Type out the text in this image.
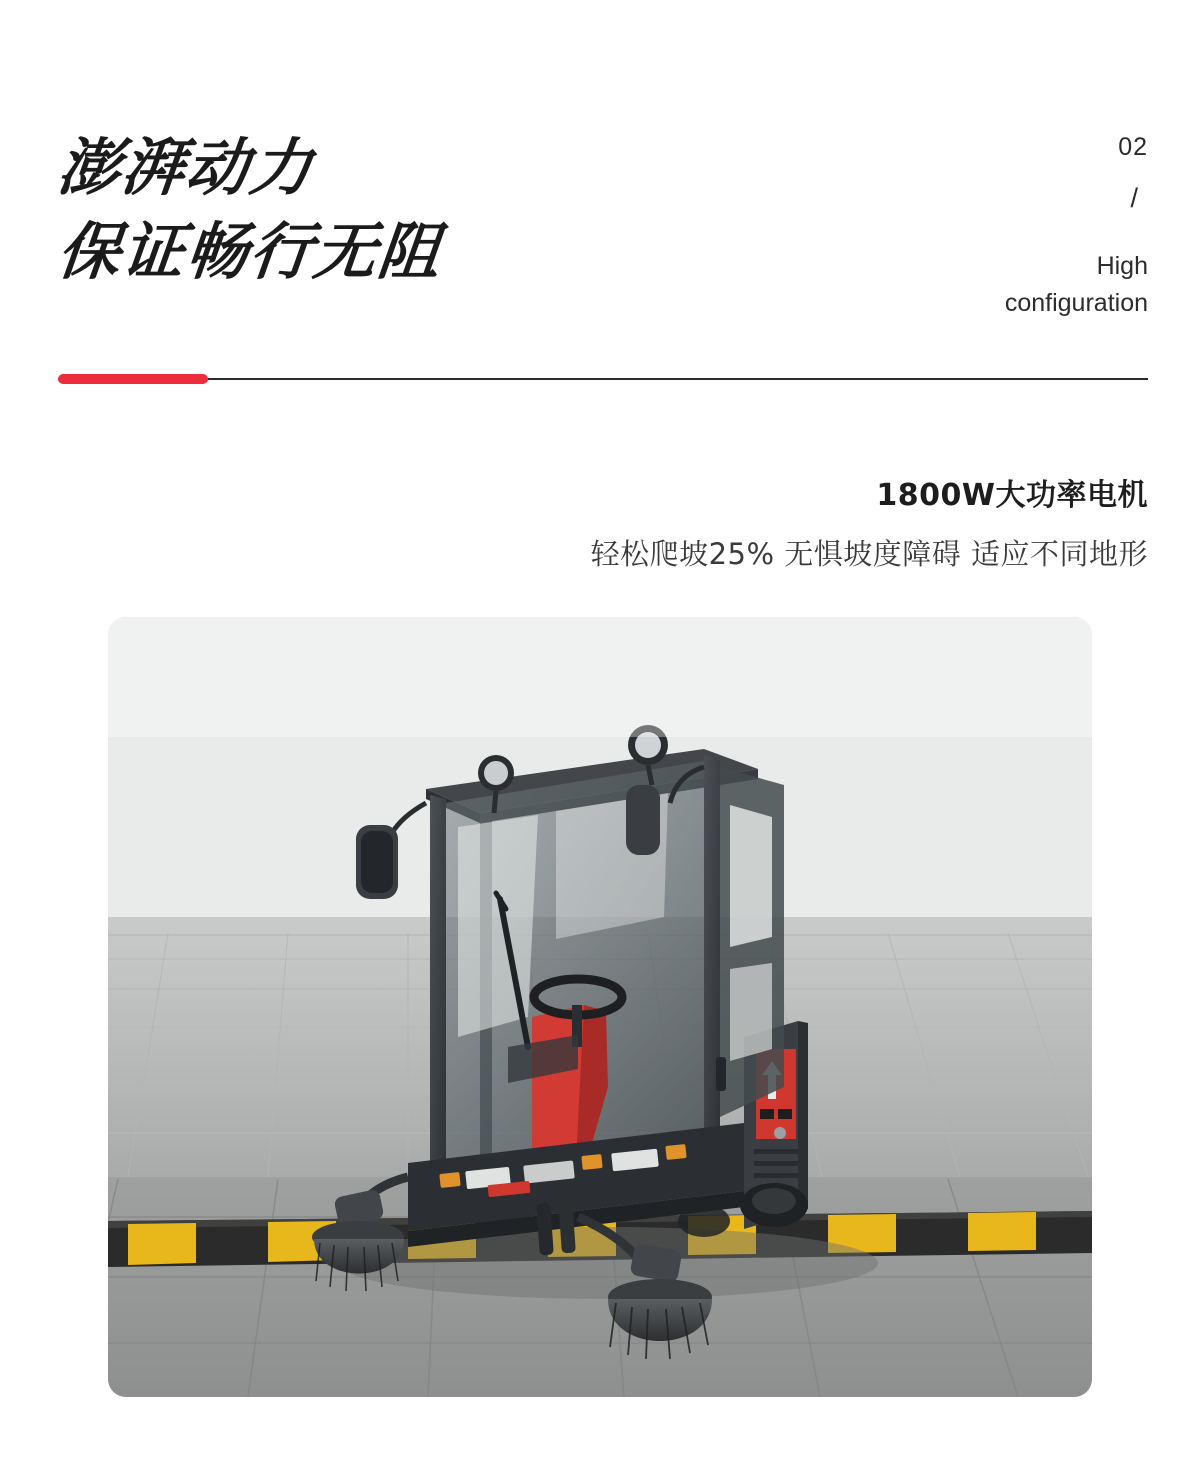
澎湃动力
保证畅行无阻
02
/
High
configuration
1800W大功率电机
轻松爬坡25% 无惧坡度障碍 适应不同地形
